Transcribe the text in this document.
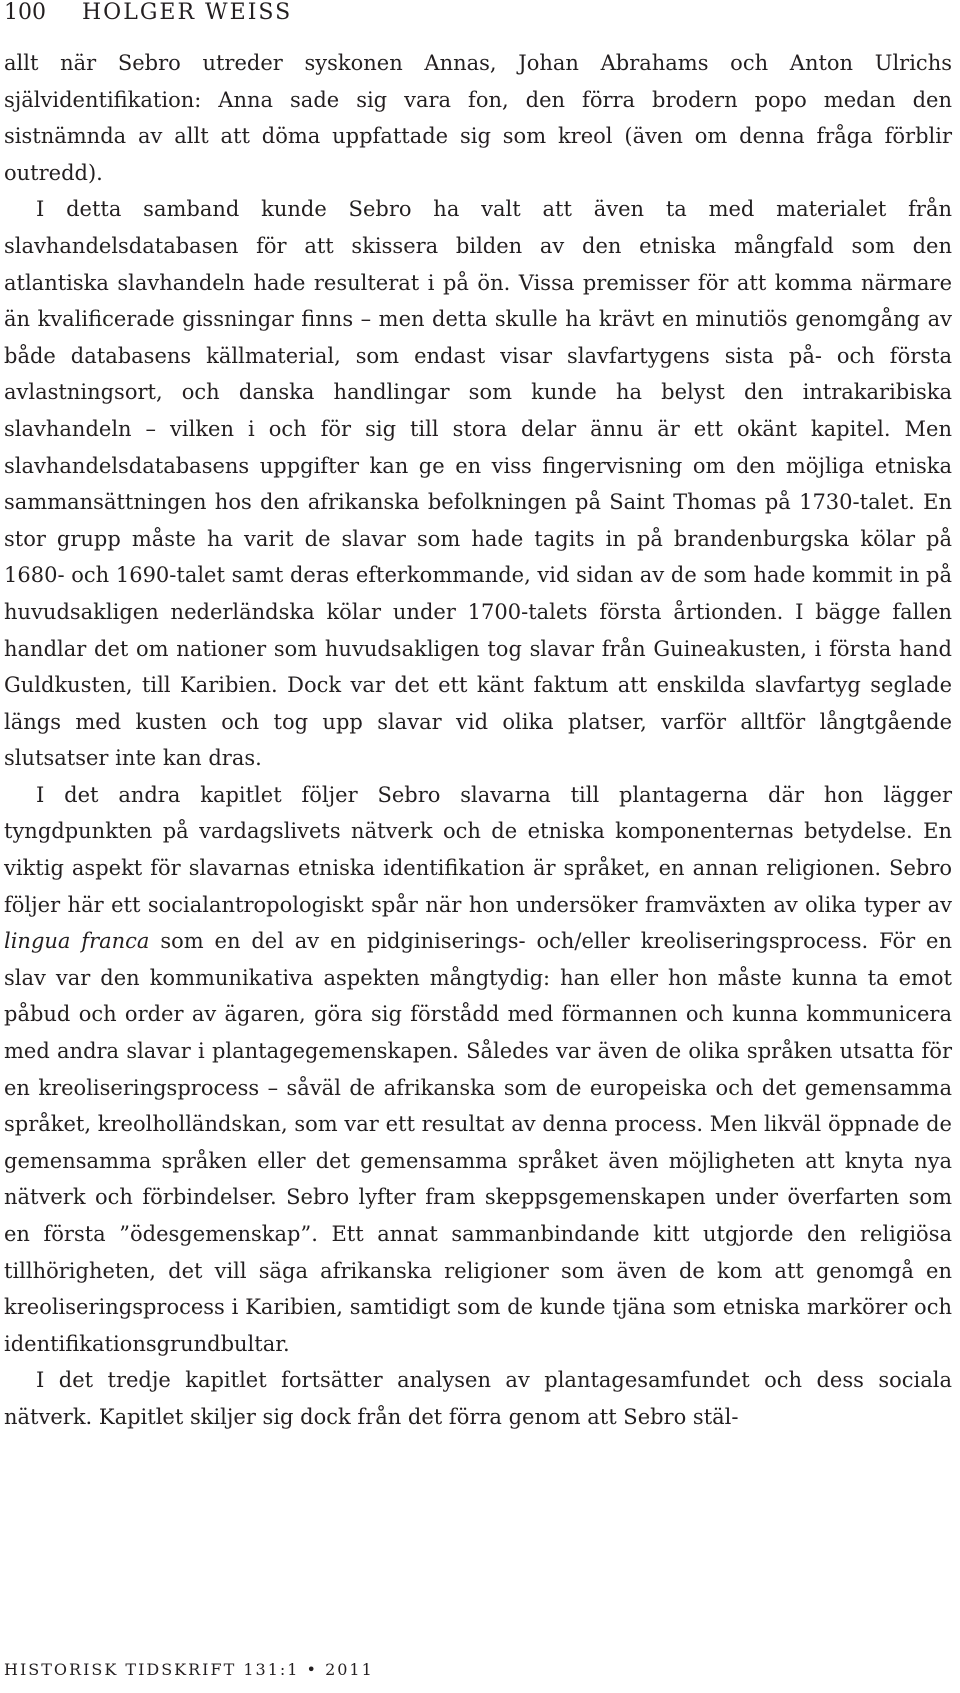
100 HOLGER WEISS

allt när Sebro utreder syskonen Annas, Johan Abrahams och Anton Ulrichs självidentifikation: Anna sade sig vara fon, den förra brodern popo medan den sistnämnda av allt att döma uppfattade sig som kreol (även om denna fråga förblir outredd).

I detta samband kunde Sebro ha valt att även ta med materialet från slavhandelsdatabasen för att skissera bilden av den etniska mångfald som den atlantiska slavhandeln hade resulterat i på ön. Vissa premisser för att komma närmare än kvalificerade gissningar finns – men detta skulle ha krävt en minutiös genomgång av både databasens källmaterial, som endast visar slavfartygens sista på- och första avlastningsort, och danska handlingar som kunde ha belyst den intrakaribiska slavhandeln – vilken i och för sig till stora delar ännu är ett okänt kapitel. Men slavhandelsdatabasens uppgifter kan ge en viss fingervisning om den möjliga etniska sammansättningen hos den afrikanska befolkningen på Saint Thomas på 1730-talet. En stor grupp måste ha varit de slavar som hade tagits in på brandenburgska kölar på 1680- och 1690-talet samt deras efterkommande, vid sidan av de som hade kommit in på huvudsakligen nederländska kölar under 1700-talets första årtionden. I bägge fallen handlar det om nationer som huvudsakligen tog slavar från Guineakusten, i första hand Guldkusten, till Karibien. Dock var det ett känt faktum att enskilda slavfartyg seglade längs med kusten och tog upp slavar vid olika platser, varför alltför långtgående slutsatser inte kan dras.

I det andra kapitlet följer Sebro slavarna till plantagerna där hon lägger tyngdpunkten på vardagslivets nätverk och de etniska komponenternas betydelse. En viktig aspekt för slavarnas etniska identifikation är språket, en annan religionen. Sebro följer här ett socialantropologiskt spår när hon undersöker framväxten av olika typer av lingua franca som en del av en pidginiserings- och/eller kreoliseringsprocess. För en slav var den kommunikativa aspekten mångtydig: han eller hon måste kunna ta emot påbud och order av ägaren, göra sig förstådd med förmannen och kunna kommunicera med andra slavar i plantagegemenskapen. Således var även de olika språken utsatta för en kreoliseringsprocess – såväl de afrikanska som de europeiska och det gemensamma språket, kreolholländskan, som var ett resultat av denna process. Men likväl öppnade de gemensamma språken eller det gemensamma språket även möjligheten att knyta nya nätverk och förbindelser. Sebro lyfter fram skeppsgemenskapen under överfarten som en första ”ödesgemenskap”. Ett annat sammanbindande kitt utgjorde den religiösa tillhörigheten, det vill säga afrikanska religioner som även de kom att genomgå en kreoliseringsprocess i Karibien, samtidigt som de kunde tjäna som etniska markörer och identifikationsgrundbultar.

I det tredje kapitlet fortsätter analysen av plantagesamfundet och dess sociala nätverk. Kapitlet skiljer sig dock från det förra genom att Sebro stäl-

HISTORISK TIDSKRIFT 131:1 • 2011
